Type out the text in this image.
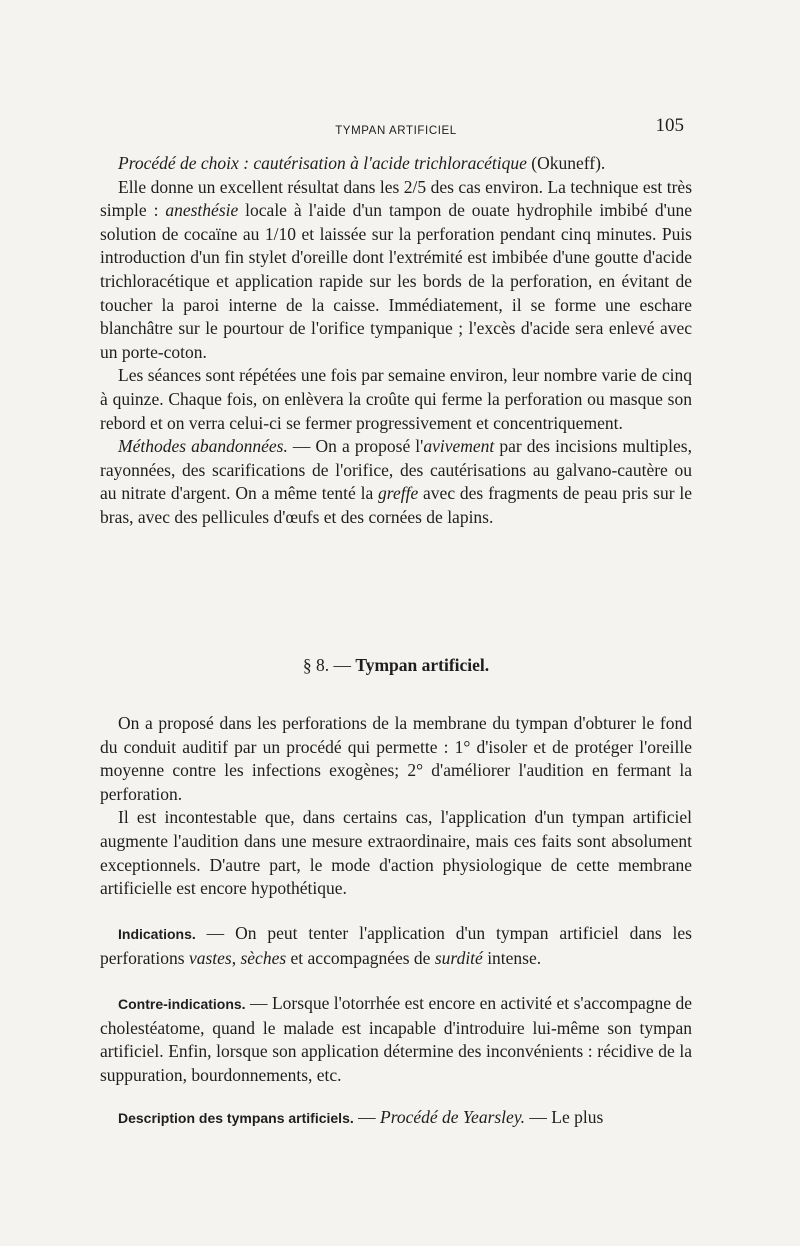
TYMPAN ARTIFICIEL	105

Procédé de choix : cautérisation à l'acide trichloracétique (Okuneff).

Elle donne un excellent résultat dans les 2/5 des cas environ. La technique est très simple : anesthésie locale à l'aide d'un tampon de ouate hydrophile imbibé d'une solution de cocaïne au 1/10 et laissée sur la perforation pendant cinq minutes. Puis introduction d'un fin stylet d'oreille dont l'extrémité est imbibée d'une goutte d'acide trichloracétique et application rapide sur les bords de la perforation, en évitant de toucher la paroi interne de la caisse. Immédiatement, il se forme une eschare blanchâtre sur le pourtour de l'orifice tympanique ; l'excès d'acide sera enlevé avec un porte-coton.

Les séances sont répétées une fois par semaine environ, leur nombre varie de cinq à quinze. Chaque fois, on enlèvera la croûte qui ferme la perforation ou masque son rebord et on verra celui-ci se fermer progressivement et concentriquement.

Méthodes abandonnées. — On a proposé l'avivement par des incisions multiples, rayonnées, des scarifications de l'orifice, des cautérisations au galvano-cautère ou au nitrate d'argent. On a même tenté la greffe avec des fragments de peau pris sur le bras, avec des pellicules d'œufs et des cornées de lapins.

§ 8. — Tympan artificiel.

On a proposé dans les perforations de la membrane du tympan d'obturer le fond du conduit auditif par un procédé qui permette : 1° d'isoler et de protéger l'oreille moyenne contre les infections exogènes; 2° d'améliorer l'audition en fermant la perforation.

Il est incontestable que, dans certains cas, l'application d'un tympan artificiel augmente l'audition dans une mesure extraordinaire, mais ces faits sont absolument exceptionnels. D'autre part, le mode d'action physiologique de cette membrane artificielle est encore hypothétique.

Indications. — On peut tenter l'application d'un tympan artificiel dans les perforations vastes, sèches et accompagnées de surdité intense.

Contre-indications. — Lorsque l'otorrhée est encore en activité et s'accompagne de cholestéatome, quand le malade est incapable d'introduire lui-même son tympan artificiel. Enfin, lorsque son application détermine des inconvénients : récidive de la suppuration, bourdonnements, etc.

Description des tympans artificiels. — Procédé de Yearsley. — Le plus
